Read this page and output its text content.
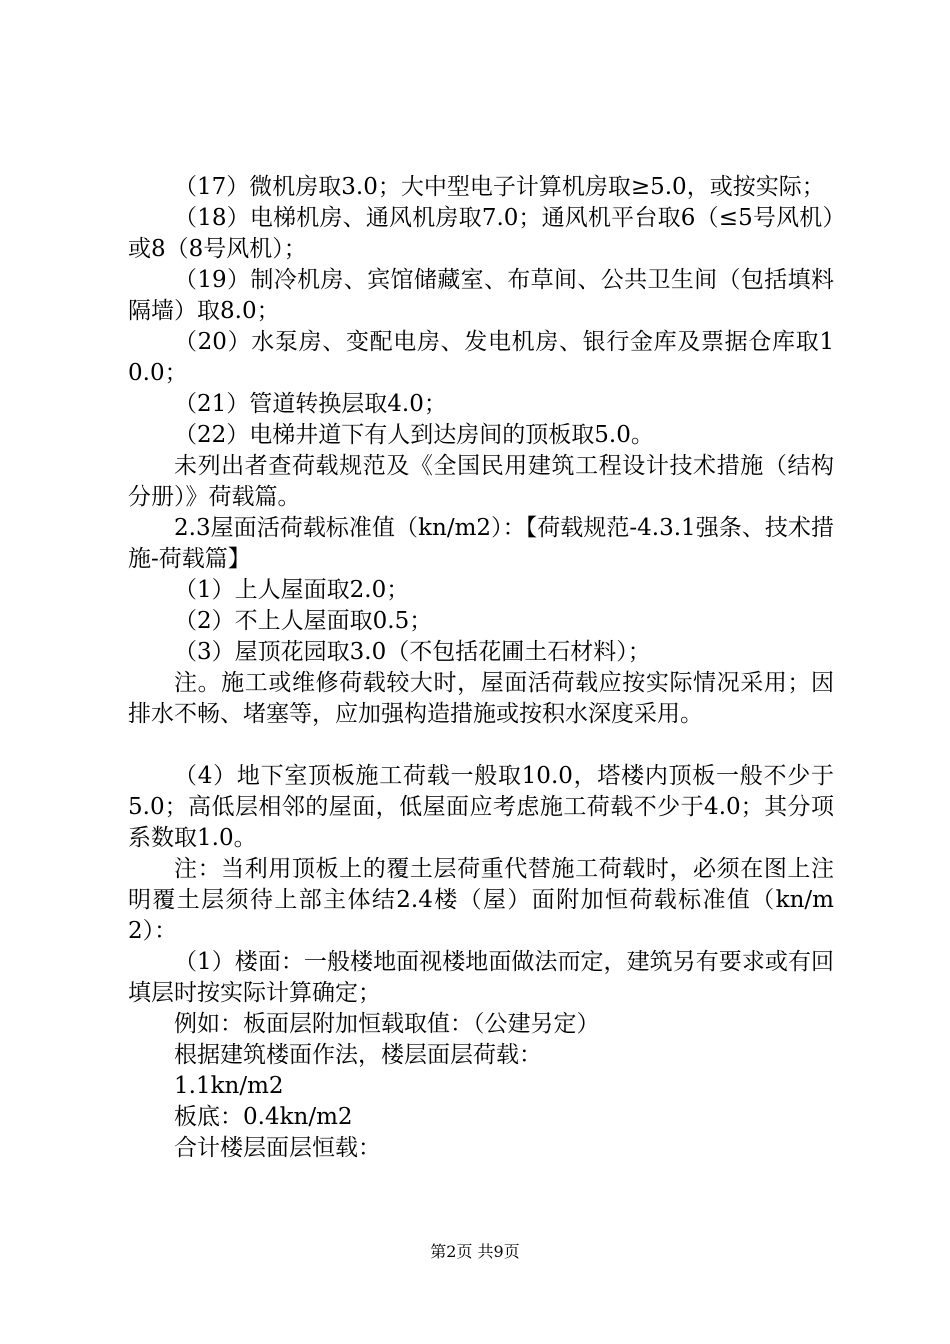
（17）微机房取3.0；大中型电子计算机房取≥5.0，或按实际；

（18）电梯机房、通风机房取7.0；通风机平台取6（≤5号风机）或8（8号风机）；

（19）制冷机房、宾馆储藏室、布草间、公共卫生间（包括填料隔墙）取8.0；

（20）水泵房、变配电房、发电机房、银行金库及票据仓库取10.0；

（21）管道转换层取4.0；

（22）电梯井道下有人到达房间的顶板取5.0。

未列出者查荷载规范及《全国民用建筑工程设计技术措施（结构分册）》荷载篇。

2.3屋面活荷载标准值（kn/m2）：【荷载规范-4.3.1强条、技术措施-荷载篇】

（1）上人屋面取2.0；

（2）不上人屋面取0.5；

（3）屋顶花园取3.0（不包括花圃土石材料）；

注。施工或维修荷载较大时，屋面活荷载应按实际情况采用；因排水不畅、堵塞等，应加强构造措施或按积水深度采用。

（4）地下室顶板施工荷载一般取10.0，塔楼内顶板一般不少于5.0；高低层相邻的屋面，低屋面应考虑施工荷载不少于4.0；其分项系数取1.0。

注：当利用顶板上的覆土层荷重代替施工荷载时，必须在图上注明覆土层须待上部主体结2.4楼（屋）面附加恒荷载标准值（kn/m2）：

（1）楼面：一般楼地面视楼地面做法而定，建筑另有要求或有回填层时按实际计算确定；

例如：板面层附加恒载取值：（公建另定）

根据建筑楼面作法，楼层面层荷载：

1.1kn/m2

板底：0.4kn/m2

合计楼层面层恒载：

第2页 共9页
